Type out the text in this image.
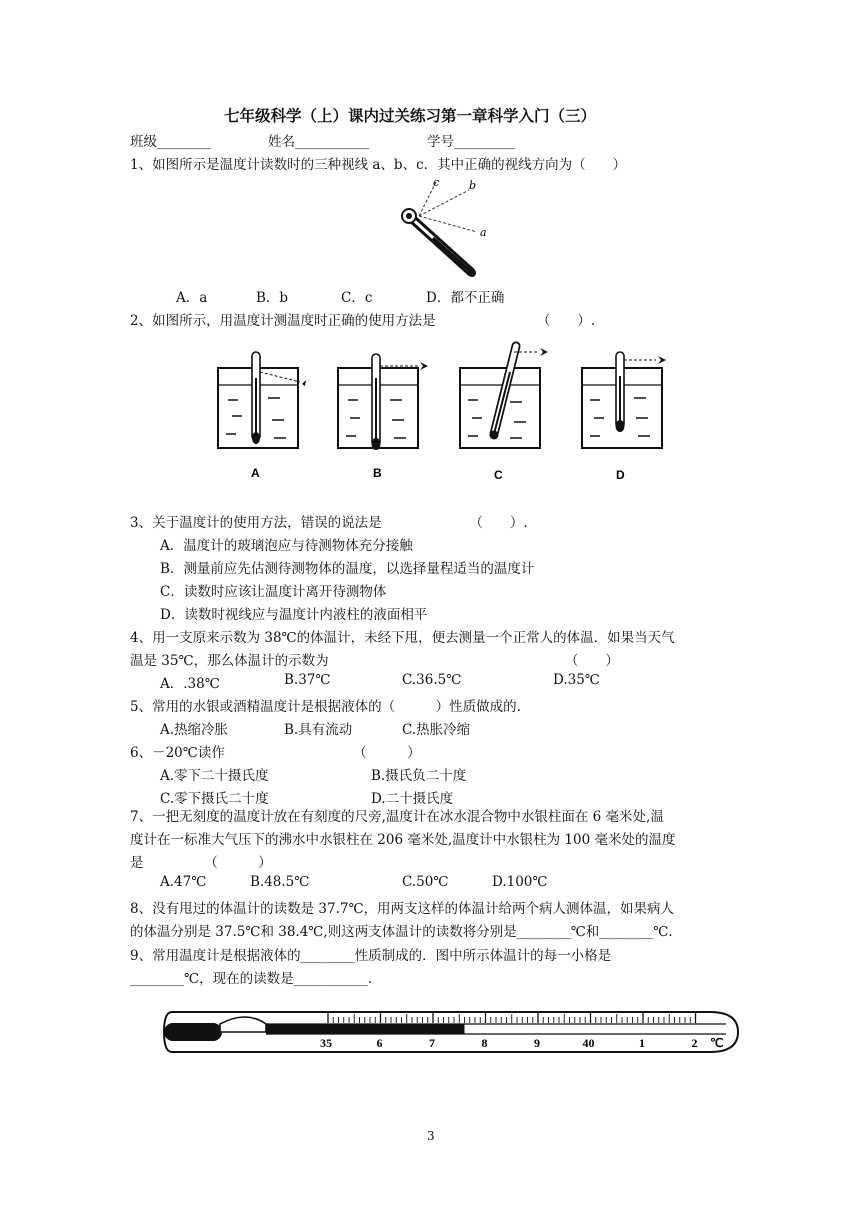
七年级科学（上）课内过关练习第一章科学入门（三）
班级________	姓名___________	学号_________
1、如图所示是温度计读数时的三种视线 a、b、c．其中正确的视线方向为（　　）
c	b
a
A．a	B．b	C．c	D．都不正确
2、如图所示，用温度计测温度时正确的使用方法是　　　　　　　　（　　）.
A	B	C	D
3、关于温度计的使用方法，错误的说法是　　　　　　　（　　）.
A．温度计的玻璃泡应与待测物体充分接触
B．测量前应先估测待测物体的温度，以选择量程适当的温度计
C．读数时应该让温度计离开待测物体
D．读数时视线应与温度计内液柱的液面相平
4、用一支原来示数为 38℃的体温计，未经下甩，便去测量一个正常人的体温．如果当天气
温是 35℃，那么体温计的示数为　　　　　　　　　　　　　　　　　　（　　）
A．.38℃	B.37℃	C.36.5℃	D.35℃
5、常用的水银或酒精温度计是根据液体的（　　　）性质做成的.
A.热缩冷胀	B.具有流动	C.热胀冷缩
6、－20℃读作　　　　　　　　　　（　　　）
A.零下二十摄氏度	B.摄氏负二十度
C.零下摄氏二十度	D.二十摄氏度
7、一把无刻度的温度计放在有刻度的尺旁,温度计在冰水混合物中水银柱面在 6 毫米处,温
度计在一标准大气压下的沸水中水银柱在 206 毫米处,温度计中水银柱为 100 毫米处的温度
是　　　　　（　　　）
A.47℃	B.48.5℃	C.50℃	D.100℃
8、没有甩过的体温计的读数是 37.7℃，用两支这样的体温计给两个病人测体温，如果病人
的体温分别是 37.5℃和 38.4℃,则这两支体温计的读数将分别是________℃和________℃.
9、常用温度计是根据液体的________性质制成的．图中所示体温计的每一小格是
________℃，现在的读数是___________.
35	6	7	8	9	40	1	2 ℃
3
